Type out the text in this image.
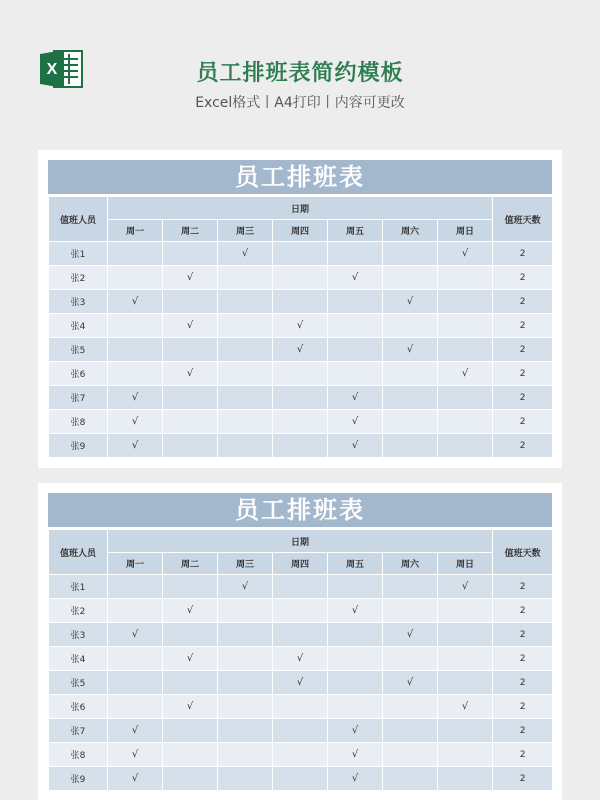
X	员工排班表简约模板
Excel格式丨A4打印丨内容可更改
员工排班表
值班人员	日期							值班天数
	周一	周二	周三	周四	周五	周六	周日	
张1			√				√	2
张2		√			√			2
张3	√					√		2
张4		√		√				2
张5				√		√		2
张6		√					√	2
张7	√				√			2
张8	√				√			2
张9	√				√			2
员工排班表
值班人员	日期							值班天数
	周一	周二	周三	周四	周五	周六	周日	
张1			√				√	2
张2		√			√			2
张3	√					√		2
张4		√		√				2
张5				√		√		2
张6		√					√	2
张7	√				√			2
张8	√				√			2
张9	√				√			2
